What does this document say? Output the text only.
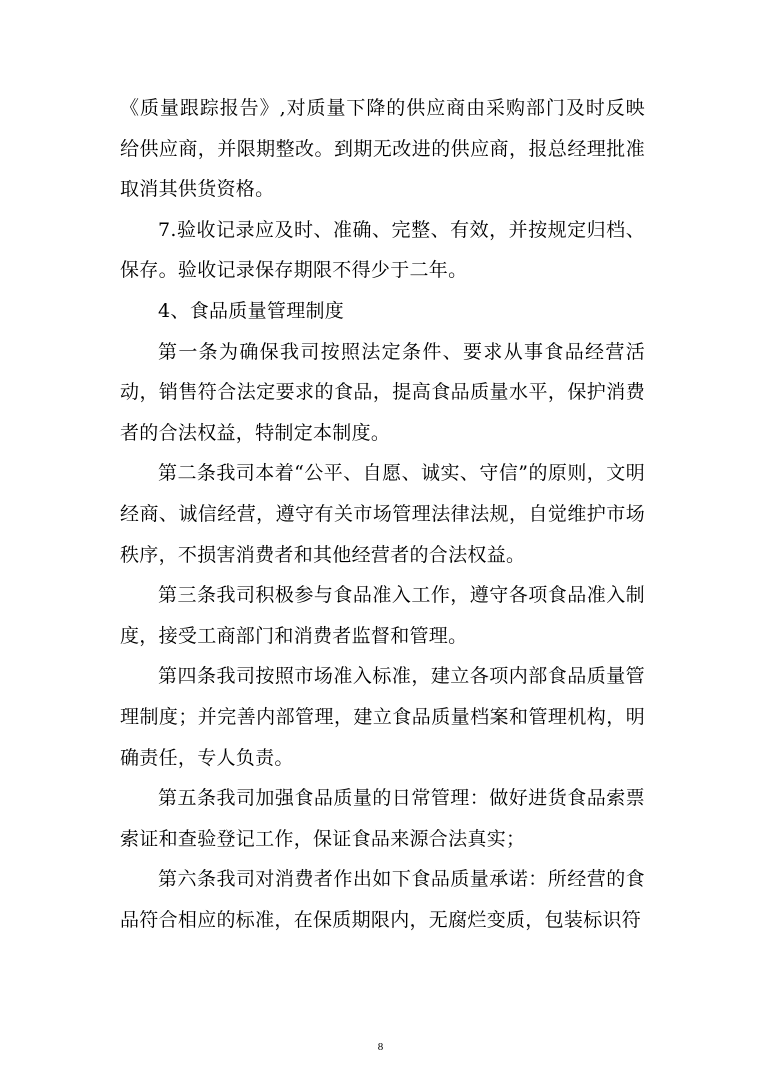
《质量跟踪报告》,对质量下降的供应商由采购部门及时反映给供应商，并限期整改。到期无改进的供应商，报总经理批准取消其供货资格。

7.验收记录应及时、准确、完整、有效，并按规定归档、保存。验收记录保存期限不得少于二年。

4、食品质量管理制度

第一条为确保我司按照法定条件、要求从事食品经营活动，销售符合法定要求的食品，提高食品质量水平，保护消费者的合法权益，特制定本制度。

第二条我司本着“公平、自愿、诚实、守信”的原则，文明经商、诚信经营，遵守有关市场管理法律法规，自觉维护市场秩序，不损害消费者和其他经营者的合法权益。

第三条我司积极参与食品准入工作，遵守各项食品准入制度，接受工商部门和消费者监督和管理。

第四条我司按照市场准入标准，建立各项内部食品质量管理制度；并完善内部管理，建立食品质量档案和管理机构，明确责任，专人负责。

第五条我司加强食品质量的日常管理：做好进货食品索票索证和查验登记工作，保证食品来源合法真实；

第六条我司对消费者作出如下食品质量承诺：所经营的食品符合相应的标准，在保质期限内，无腐烂变质，包装标识符

8
